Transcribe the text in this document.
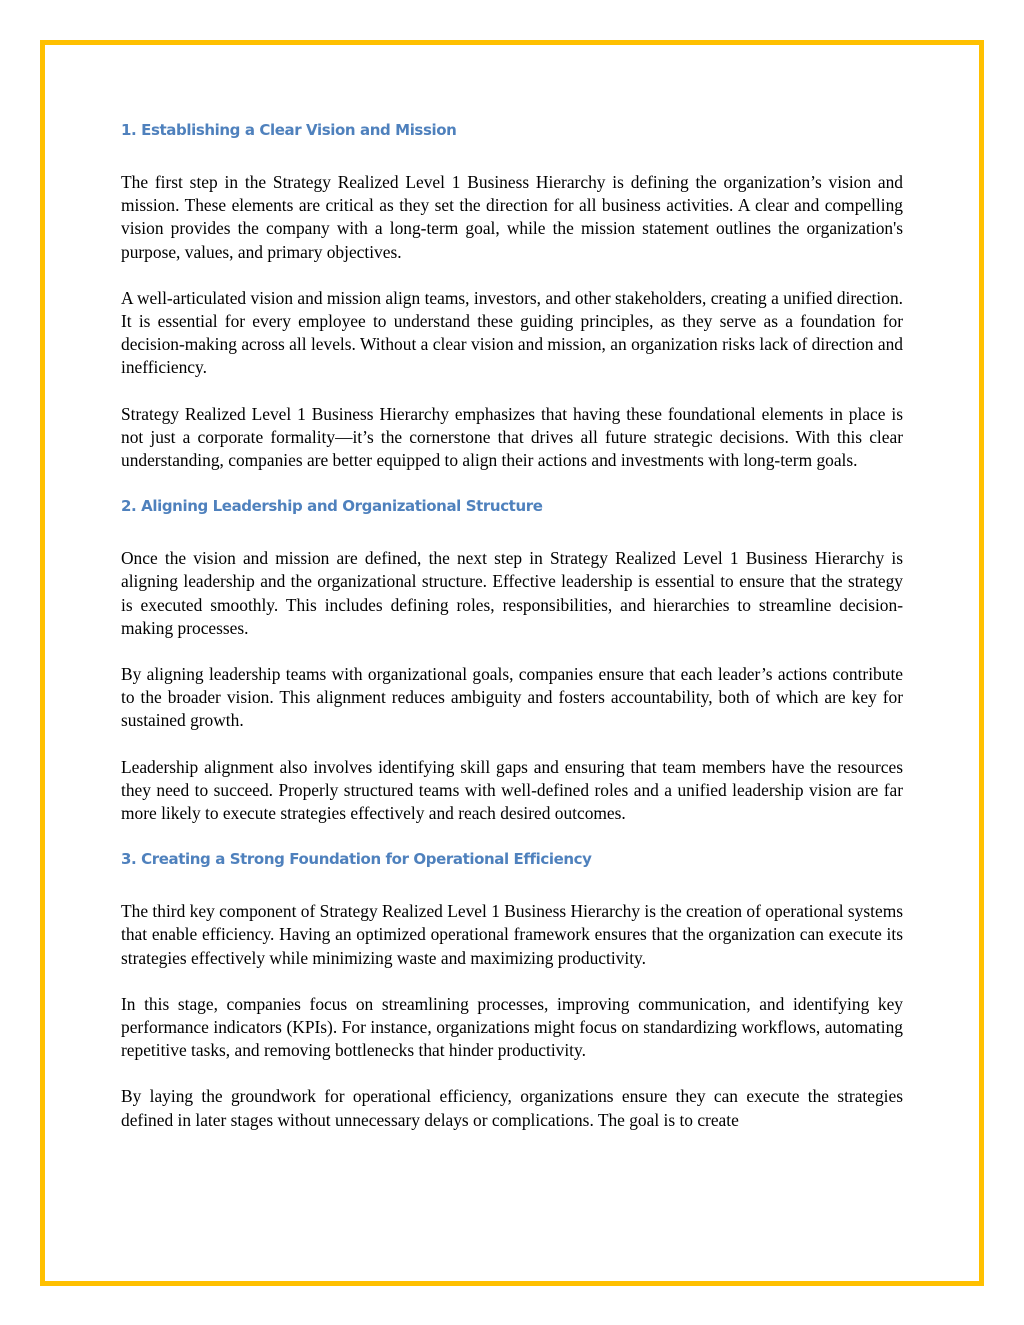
1. Establishing a Clear Vision and Mission

The first step in the Strategy Realized Level 1 Business Hierarchy is defining the organization’s vision and mission. These elements are critical as they set the direction for all business activities. A clear and compelling vision provides the company with a long-term goal, while the mission statement outlines the organization's purpose, values, and primary objectives.

A well-articulated vision and mission align teams, investors, and other stakeholders, creating a unified direction. It is essential for every employee to understand these guiding principles, as they serve as a foundation for decision-making across all levels. Without a clear vision and mission, an organization risks lack of direction and inefficiency.

Strategy Realized Level 1 Business Hierarchy emphasizes that having these foundational elements in place is not just a corporate formality—it’s the cornerstone that drives all future strategic decisions. With this clear understanding, companies are better equipped to align their actions and investments with long-term goals.

2. Aligning Leadership and Organizational Structure

Once the vision and mission are defined, the next step in Strategy Realized Level 1 Business Hierarchy is aligning leadership and the organizational structure. Effective leadership is essential to ensure that the strategy is executed smoothly. This includes defining roles, responsibilities, and hierarchies to streamline decision-making processes.

By aligning leadership teams with organizational goals, companies ensure that each leader’s actions contribute to the broader vision. This alignment reduces ambiguity and fosters accountability, both of which are key for sustained growth.

Leadership alignment also involves identifying skill gaps and ensuring that team members have the resources they need to succeed. Properly structured teams with well-defined roles and a unified leadership vision are far more likely to execute strategies effectively and reach desired outcomes.

3. Creating a Strong Foundation for Operational Efficiency

The third key component of Strategy Realized Level 1 Business Hierarchy is the creation of operational systems that enable efficiency. Having an optimized operational framework ensures that the organization can execute its strategies effectively while minimizing waste and maximizing productivity.

In this stage, companies focus on streamlining processes, improving communication, and identifying key performance indicators (KPIs). For instance, organizations might focus on standardizing workflows, automating repetitive tasks, and removing bottlenecks that hinder productivity.

By laying the groundwork for operational efficiency, organizations ensure they can execute the strategies defined in later stages without unnecessary delays or complications. The goal is to create
